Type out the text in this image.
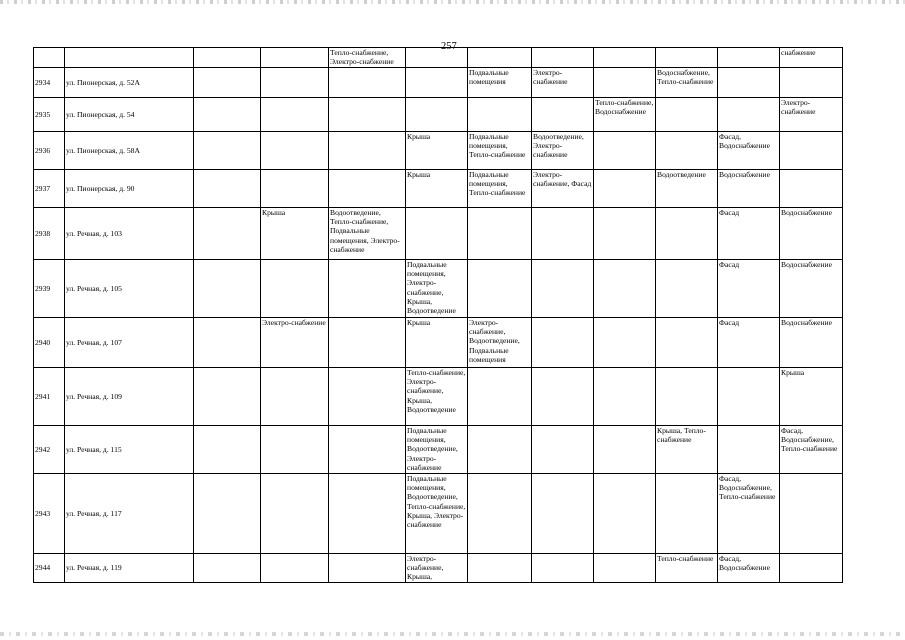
257
				Тепло-снабжение, Электро-снабжение							снабжение
2934	ул. Пионерская, д. 52А					Подвальные помещения	Электро-снабжение		Водоснабжение, Тепло-снабжение		
2935	ул. Пионерская, д. 54							Тепло-снабжение, Водоснабжение			Электро-снабжение
2936	ул. Пионерская, д. 58А				Крыша	Подвальные помещения, Тепло-снабжение	Водоотведение, Электро-снабжение			Фасад, Водоснабжение	
2937	ул. Пионерская, д. 90				Крыша	Подвальные помещения, Тепло-снабжение	Электро-снабжение, Фасад		Водоотведение	Водоснабжение	
2938	ул. Речная, д. 103		Крыша	Водоотведение, Тепло-снабжение, Подвальные помещения, Электро-снабжение						Фасад	Водоснабжение
2939	ул. Речная, д. 105				Подвальные помещения, Электро-снабжение, Крыша, Водоотведение					Фасад	Водоснабжение
2940	ул. Речная, д. 107		Электро-снабжение		Крыша	Электро-снабжение, Водоотведение, Подвальные помещения				Фасад	Водоснабжение
2941	ул. Речная, д. 109				Тепло-снабжение, Электро-снабжение, Крыша, Водоотведение						Крыша
2942	ул. Речная, д. 115				Подвальные помещения, Водоотведение, Электро-снабжение				Крыша, Тепло-снабжение		Фасад, Водоснабжение, Тепло-снабжение
2943	ул. Речная, д. 117				Подвальные помещения, Водоотведение, Тепло-снабжение, Крыша, Электро-снабжение					Фасад, Водоснабжение, Тепло-снабжение	
2944	ул. Речная, д. 119				Электро-снабжение, Крыша,				Тепло-снабжение	Фасад, Водоснабжение	
